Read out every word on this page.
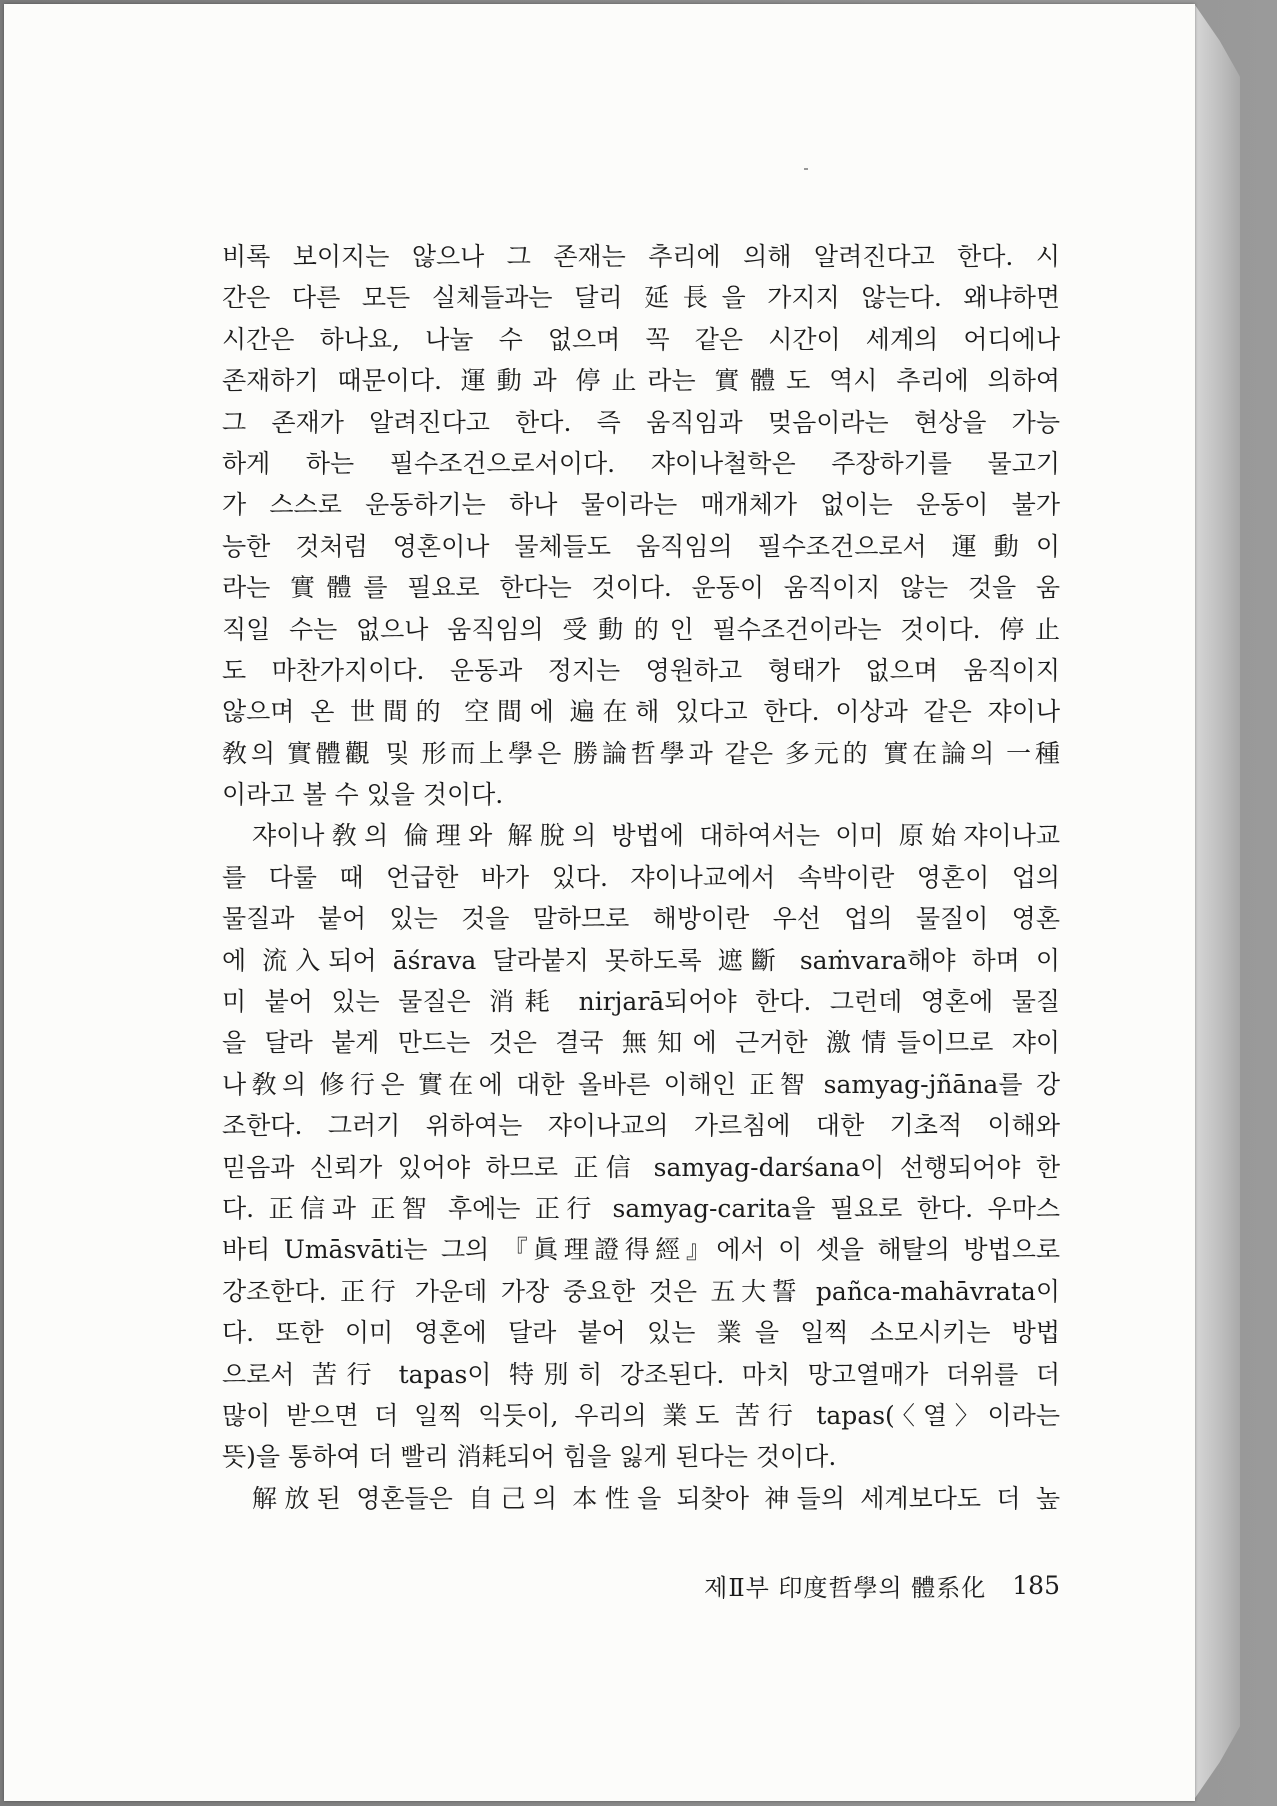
비록 보이지는 않으나 그 존재는 추리에 의해 알려진다고 한다. 시
간은 다른 모든 실체들과는 달리 延長을 가지지 않는다. 왜냐하면
시간은 하나요, 나눌 수 없으며 꼭 같은 시간이 세계의 어디에나
존재하기 때문이다. 運動과 停止라는 實體도 역시 추리에 의하여
그 존재가 알려진다고 한다. 즉 움직임과 멎음이라는 현상을 가능
하게 하는 필수조건으로서이다. 쟈이나철학은 주장하기를 물고기
가 스스로 운동하기는 하나 물이라는 매개체가 없이는 운동이 불가
능한 것처럼 영혼이나 물체들도 움직임의 필수조건으로서 運動이
라는 實體를 필요로 한다는 것이다. 운동이 움직이지 않는 것을 움
직일 수는 없으나 움직임의 受動的인 필수조건이라는 것이다. 停止
도 마찬가지이다. 운동과 정지는 영원하고 형태가 없으며 움직이지
않으며 온 世間的 空間에 遍在해 있다고 한다. 이상과 같은 쟈이나
敎의 實體觀 및 形而上學은 勝論哲學과 같은 多元的 實在論의 一種
이라고 볼 수 있을 것이다.
쟈이나敎의 倫理와 解脫의 방법에 대하여서는 이미 原始쟈이나교
를 다룰 때 언급한 바가 있다. 쟈이나교에서 속박이란 영혼이 업의
물질과 붙어 있는 것을 말하므로 해방이란 우선 업의 물질이 영혼
에 流入되어 āśrava 달라붙지 못하도록 遮斷 saṁvara해야 하며 이
미 붙어 있는 물질은 消耗 nirjarā되어야 한다. 그런데 영혼에 물질
을 달라 붙게 만드는 것은 결국 無知에 근거한 激情들이므로 쟈이
나敎의 修行은 實在에 대한 올바른 이해인 正智 samyag-jñāna를 강
조한다. 그러기 위하여는 쟈이나교의 가르침에 대한 기초적 이해와
믿음과 신뢰가 있어야 하므로 正信 samyag-darśana이 선행되어야 한
다. 正信과 正智 후에는 正行 samyag-carita을 필요로 한다. 우마스
바티 Umāsvāti는 그의 『眞理證得經』에서 이 셋을 해탈의 방법으로
강조한다. 正行 가운데 가장 중요한 것은 五大誓 pañca-mahāvrata이
다. 또한 이미 영혼에 달라 붙어 있는 業을 일찍 소모시키는 방법
으로서 苦行 tapas이 特別히 강조된다. 마치 망고열매가 더위를 더
많이 받으면 더 일찍 익듯이, 우리의 業도 苦行 tapas(〈열〉이라는
뜻)을 통하여 더 빨리 消耗되어 힘을 잃게 된다는 것이다.
解放된 영혼들은 自己의 本性을 되찾아 神들의 세계보다도 더 높
제Ⅱ부 印度哲學의 體系化 185
